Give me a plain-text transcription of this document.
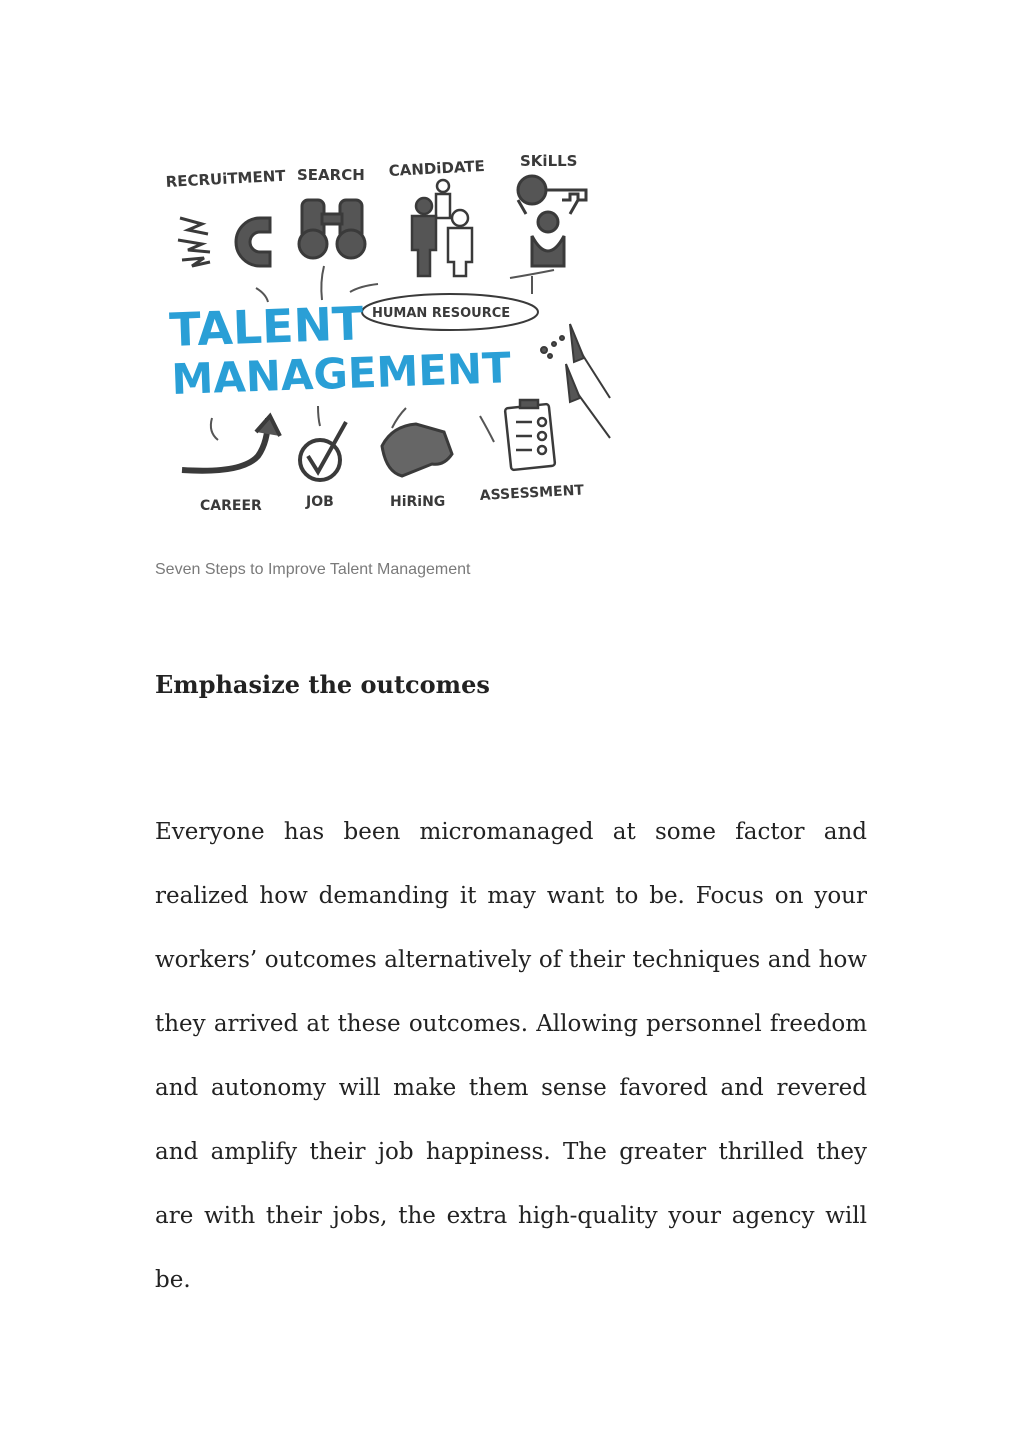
RECRUiTMENT SEARCH CANDiDATE SKiLLS
HUMAN RESOURCE
TALENT
MANAGEMENT
CAREER	JOB	HiRiNG ASSESSMENT

Seven Steps to Improve Talent Management

Emphasize the outcomes

Everyone has been micromanaged at some factor and realized how demanding it may want to be. Focus on your workers’ outcomes alternatively of their techniques and how they arrived at these outcomes. Allowing personnel freedom and autonomy will make them sense favored and revered and amplify their job happiness. The greater thrilled they are with their jobs, the extra high-quality your agency will be.
